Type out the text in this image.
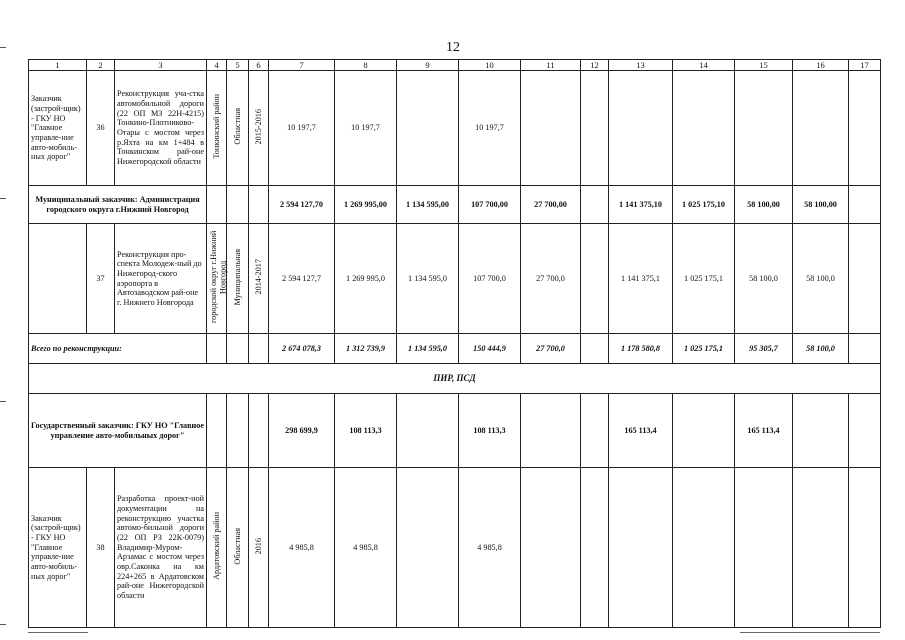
12
1	2	3	4	5	6	7	8	9	10	11	12	13	14	15	16	17
Заказчик (застрой-щик) - ГКУ НО "Главное управле-ние авто-мобиль-ных дорог"	36	Реконструкция уча-стка автомобильной дороги (22 ОП МЗ 22Н-4215) Тонкино-Плотниково-Отары с мостом через р.Яхта на км 1+484 в Тонкинском рай-оне Нижегородской области	Тонкинский район	Областная	2015-2016	10 197,7	10 197,7		10 197,7							
Муниципальный заказчик: Администрация городского округа г.Нижний Новгород						2 594 127,70	1 269 995,00	1 134 595,00	107 700,00	27 700,00		1 141 375,10	1 025 175,10	58 100,00	58 100,00	
	37	Реконструкция про-спекта Молодеж-ный до Нижегород-ского аэропорта в Автозаводском рай-оне г. Нижнего Новгорода	городской округ г.Нижний Новгород	Муниципальная	2014-2017	2 594 127,7	1 269 995,0	1 134 595,0	107 700,0	27 700,0		1 141 375,1	1 025 175,1	58 100,0	58 100,0	
Всего по реконструкции:						2 674 078,3	1 312 739,9	1 134 595,0	150 444,9	27 700,0		1 178 580,8	1 025 175,1	95 305,7	58 100,0	
ПИР, ПСД																
Государственный заказчик: ГКУ НО "Главное управление авто-мобильных дорог"						298 699,9	108 113,3		108 113,3			165 113,4		165 113,4		
Заказчик (застрой-щик) - ГКУ НО "Главное управле-ние авто-мобиль-ных дорог"	38	Разработка проект-ной документации на реконструкцию участка автомо-бильной дороги (22 ОП РЗ 22К-0079) Владимир-Муром-Арзамас с мостом через овр.Саконка на км 224+265 в Ардатовском рай-оне Нижегородской области	Ардатовский район	Областная	2016	4 985,8	4 985,8		4 985,8							
